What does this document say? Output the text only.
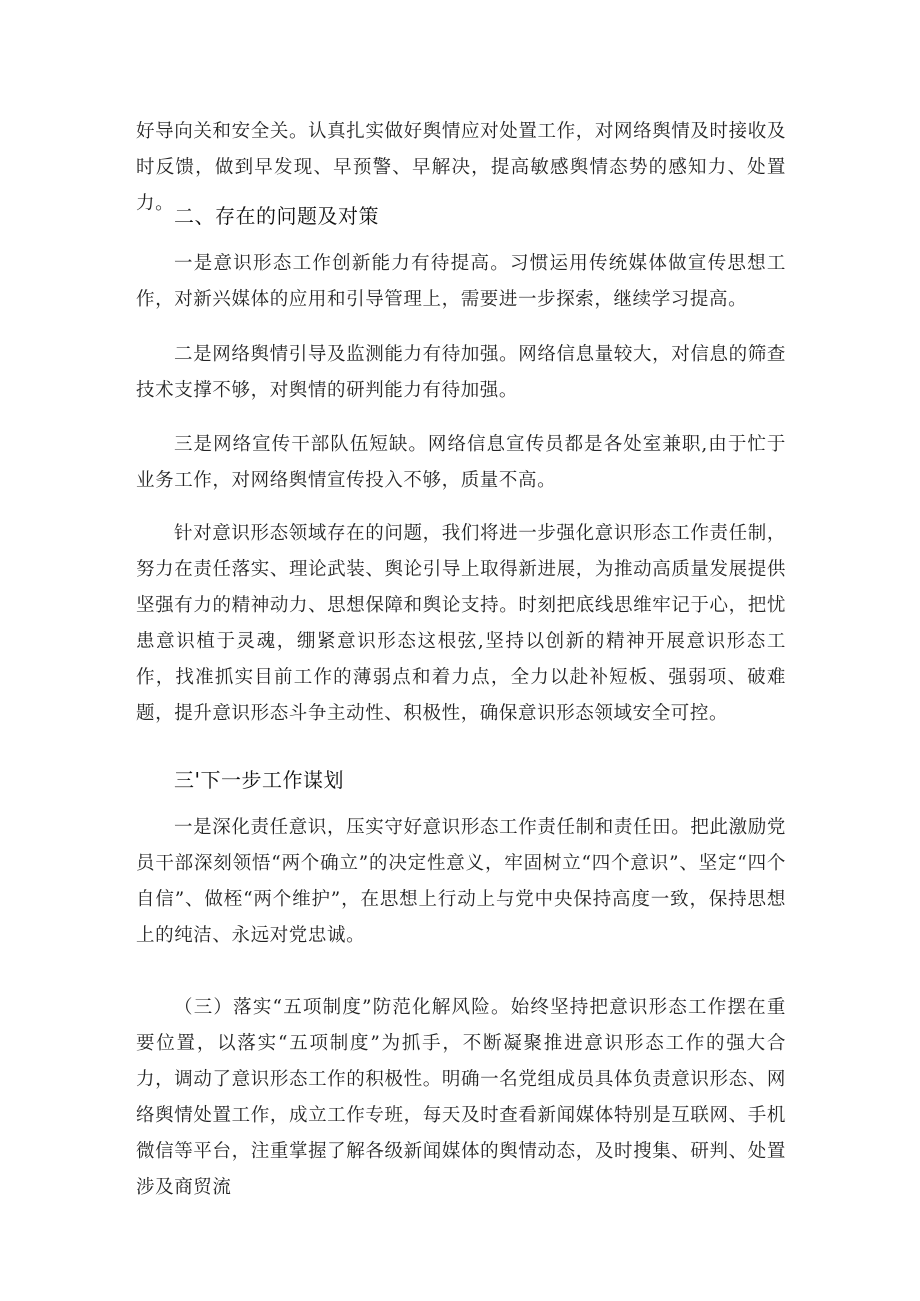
好导向关和安全关。认真扎实做好舆情应对处置工作，对网络舆情及时接收及时反馈，做到早发现、早预警、早解决，提高敏感舆情态势的感知力、处置力。

二、存在的问题及对策

一是意识形态工作创新能力有待提高。习惯运用传统媒体做宣传思想工作，对新兴媒体的应用和引导管理上，需要进一步探索，继续学习提高。

二是网络舆情引导及监测能力有待加强。网络信息量较大，对信息的筛查技术支撑不够，对舆情的研判能力有待加强。

三是网络宣传干部队伍短缺。网络信息宣传员都是各处室兼职,由于忙于业务工作，对网络舆情宣传投入不够，质量不高。

针对意识形态领域存在的问题，我们将进一步强化意识形态工作责任制，努力在责任落实、理论武装、舆论引导上取得新进展，为推动高质量发展提供坚强有力的精神动力、思想保障和舆论支持。时刻把底线思维牢记于心，把忧患意识植于灵魂，绷紧意识形态这根弦,坚持以创新的精神开展意识形态工作，找准抓实目前工作的薄弱点和着力点，全力以赴补短板、强弱项、破难题，提升意识形态斗争主动性、积极性，确保意识形态领域安全可控。

三'下一步工作谋划

一是深化责任意识，压实守好意识形态工作责任制和责任田。把此激励党员干部深刻领悟“两个确立”的决定性意义，牢固树立“四个意识”、坚定“四个自信”、做桎“两个维护”，在思想上行动上与党中央保持高度一致，保持思想上的纯洁、永远对党忠诚。

（三）落实“五项制度”防范化解风险。始终坚持把意识形态工作摆在重要位置，以落实“五项制度”为抓手，不断凝聚推进意识形态工作的强大合力，调动了意识形态工作的积极性。明确一名党组成员具体负责意识形态、网络舆情处置工作，成立工作专班，每天及时查看新闻媒体特别是互联网、手机微信等平台，注重掌握了解各级新闻媒体的舆情动态，及时搜集、研判、处置涉及商贸流
